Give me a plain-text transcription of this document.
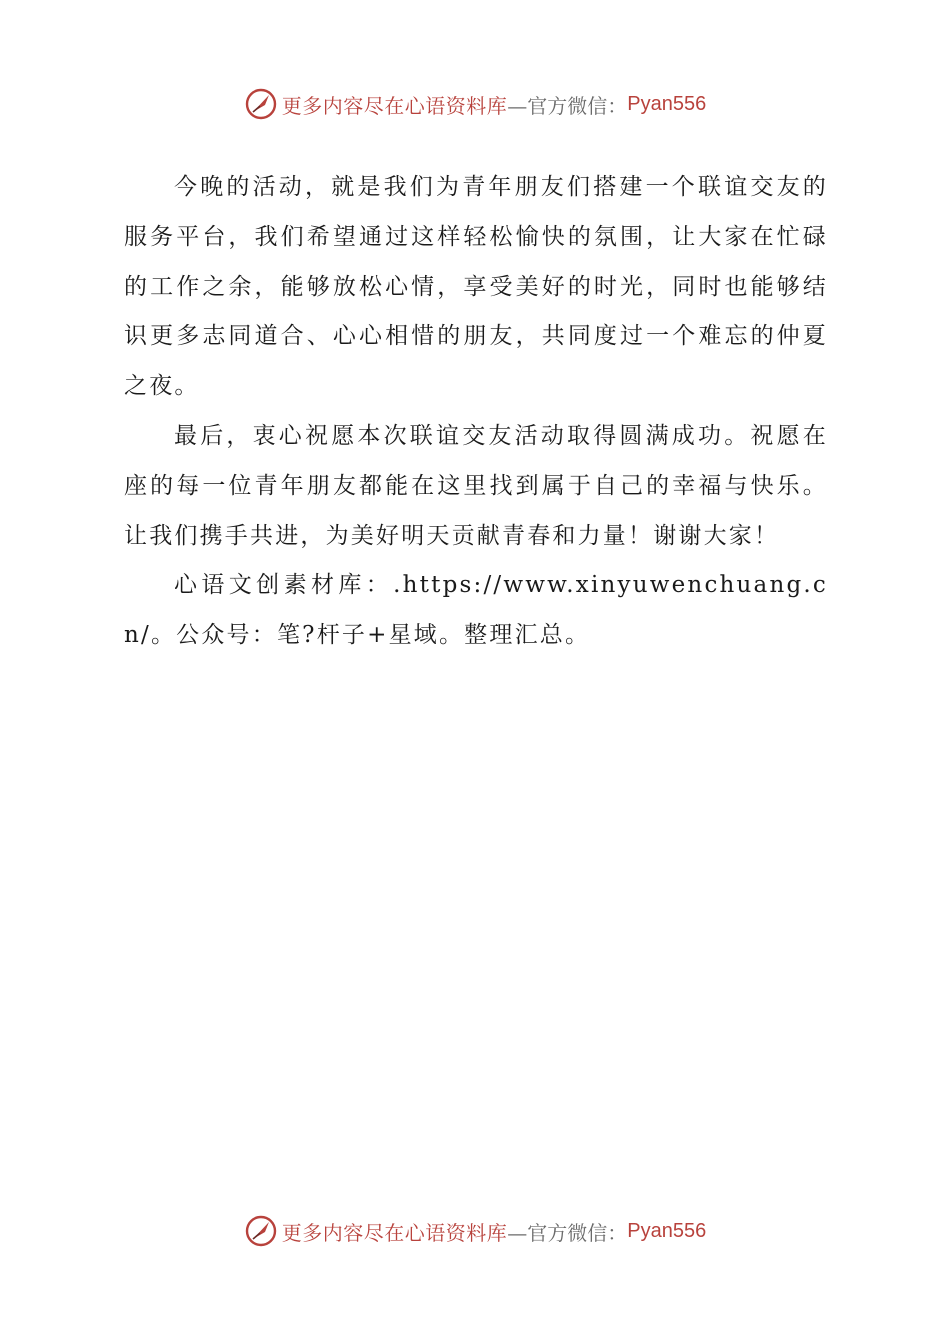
更多内容尽在心语资料库 —官方微信： Pyan556

今晚的活动，就是我们为青年朋友们搭建一个联谊交友的服务平台，我们希望通过这样轻松愉快的氛围，让大家在忙碌的工作之余，能够放松心情，享受美好的时光，同时也能够结识更多志同道合、心心相惜的朋友，共同度过一个难忘的仲夏之夜。

最后，衷心祝愿本次联谊交友活动取得圆满成功。祝愿在座的每一位青年朋友都能在这里找到属于自己的幸福与快乐。让我们携手共进，为美好明天贡献青春和力量！谢谢大家！

心语文创素材库：.https://www.xinyuwenchuang.cn/。公众号：笔?杆子+星域。整理汇总。

更多内容尽在心语资料库 —官方微信： Pyan556
